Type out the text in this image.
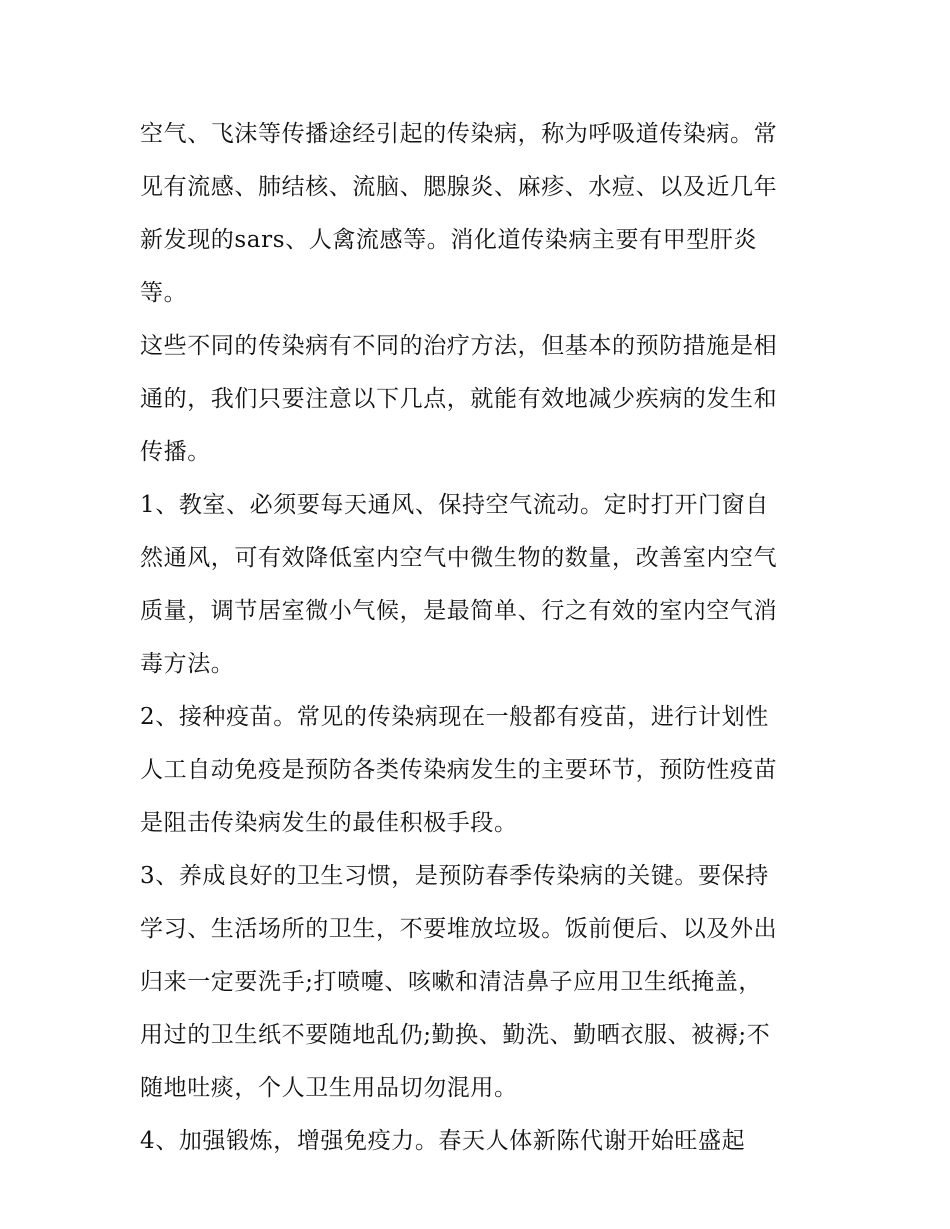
空气、飞沫等传播途经引起的传染病，称为呼吸道传染病。常
见有流感、肺结核、流脑、腮腺炎、麻疹、水痘、以及近几年
新发现的sars、人禽流感等。消化道传染病主要有甲型肝炎
等。
这些不同的传染病有不同的治疗方法，但基本的预防措施是相
通的，我们只要注意以下几点，就能有效地减少疾病的发生和
传播。
1、教室、必须要每天通风、保持空气流动。定时打开门窗自
然通风，可有效降低室内空气中微生物的数量，改善室内空气
质量，调节居室微小气候，是最简单、行之有效的室内空气消
毒方法。
2、接种疫苗。常见的传染病现在一般都有疫苗，进行计划性
人工自动免疫是预防各类传染病发生的主要环节，预防性疫苗
是阻击传染病发生的最佳积极手段。
3、养成良好的卫生习惯，是预防春季传染病的关键。要保持
学习、生活场所的卫生，不要堆放垃圾。饭前便后、以及外出
归来一定要洗手;打喷嚏、咳嗽和清洁鼻子应用卫生纸掩盖，
用过的卫生纸不要随地乱仍;勤换、勤洗、勤晒衣服、被褥;不
随地吐痰，个人卫生用品切勿混用。
4、加强锻炼，增强免疫力。春天人体新陈代谢开始旺盛起
